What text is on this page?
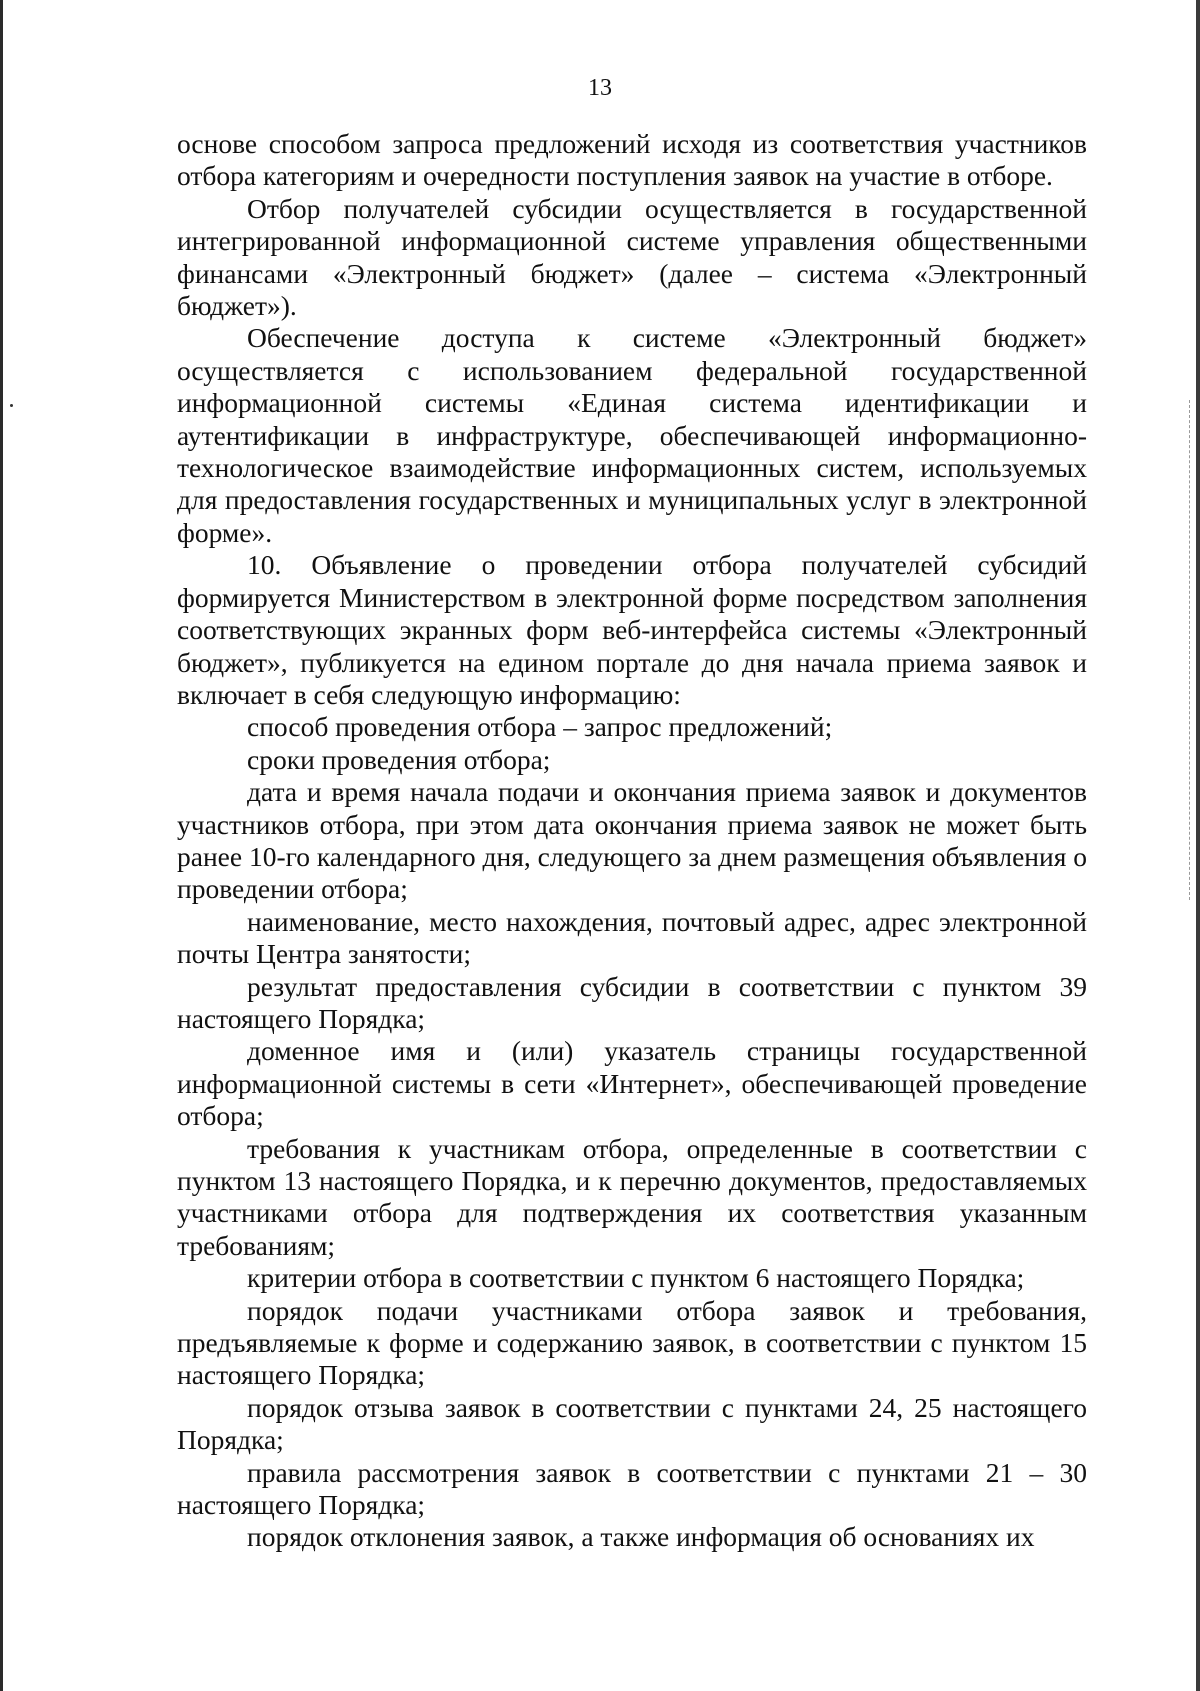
13

основе способом запроса предложений исходя из соответствия участников отбора категориям и очередности поступления заявок на участие в отборе.

Отбор получателей субсидии осуществляется в государственной интегрированной информационной системе управления общественными финансами «Электронный бюджет» (далее – система «Электронный бюджет»).

Обеспечение доступа к системе «Электронный бюджет» осуществляется с использованием федеральной государственной информационной системы «Единая система идентификации и аутентификации в инфраструктуре, обеспечивающей информационно-технологическое взаимодействие информационных систем, используемых для предоставления государственных и муниципальных услуг в электронной форме».

10. Объявление о проведении отбора получателей субсидий формируется Министерством в электронной форме посредством заполнения соответствующих экранных форм веб-интерфейса системы «Электронный бюджет», публикуется на едином портале до дня начала приема заявок и включает в себя следующую информацию:

способ проведения отбора – запрос предложений;

сроки проведения отбора;

дата и время начала подачи и окончания приема заявок и документов участников отбора, при этом дата окончания приема заявок не может быть ранее 10-го календарного дня, следующего за днем размещения объявления о проведении отбора;

наименование, место нахождения, почтовый адрес, адрес электронной почты Центра занятости;

результат предоставления субсидии в соответствии с пунктом 39 настоящего Порядка;

доменное имя и (или) указатель страницы государственной информационной системы в сети «Интернет», обеспечивающей проведение отбора;

требования к участникам отбора, определенные в соответствии с пунктом 13 настоящего Порядка, и к перечню документов, предоставляемых участниками отбора для подтверждения их соответствия указанным требованиям;

критерии отбора в соответствии с пунктом 6 настоящего Порядка;

порядок подачи участниками отбора заявок и требования, предъявляемые к форме и содержанию заявок, в соответствии с пунктом 15 настоящего Порядка;

порядок отзыва заявок в соответствии с пунктами 24, 25 настоящего Порядка;

правила рассмотрения заявок в соответствии с пунктами 21 – 30 настоящего Порядка;

порядок отклонения заявок, а также информация об основаниях их
